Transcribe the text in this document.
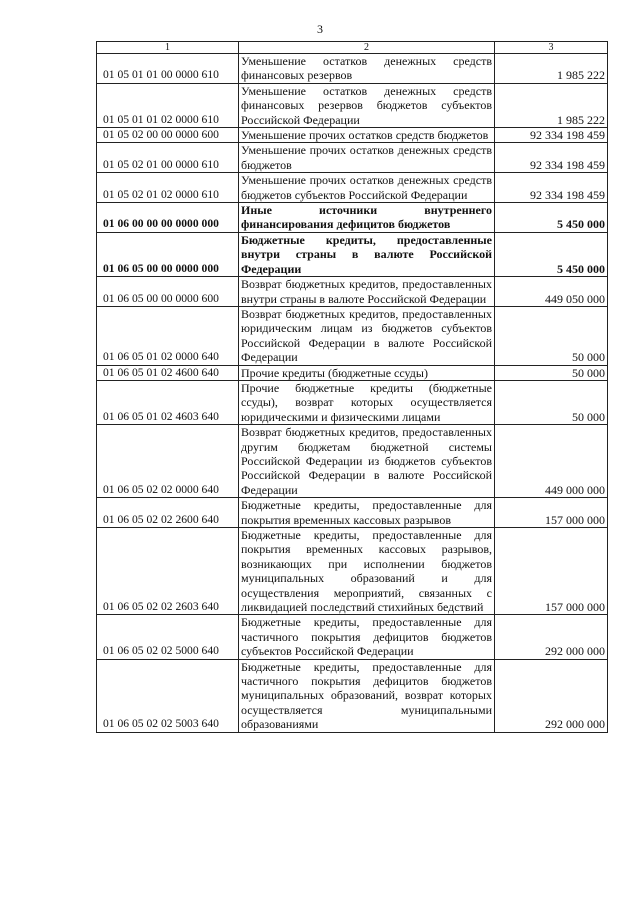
3
1	2	3
01 05 01 01 00 0000 610	Уменьшение остатков денежных средств финансовых резервов	1 985 222
01 05 01 01 02 0000 610	Уменьшение остатков денежных средств финансовых резервов бюджетов субъектов Российской Федерации	1 985 222
01 05 02 00 00 0000 600	Уменьшение прочих остатков средств бюджетов	92 334 198 459
01 05 02 01 00 0000 610	Уменьшение прочих остатков денежных средств бюджетов	92 334 198 459
01 05 02 01 02 0000 610	Уменьшение прочих остатков денежных средств бюджетов субъектов Российской Федерации	92 334 198 459
01 06 00 00 00 0000 000	Иные источники внутреннего финансирования дефицитов бюджетов	5 450 000
01 06 05 00 00 0000 000	Бюджетные кредиты, предоставленные внутри страны в валюте Российской Федерации	5 450 000
01 06 05 00 00 0000 600	Возврат бюджетных кредитов, предоставленных внутри страны в валюте Российской Федерации	449 050 000
01 06 05 01 02 0000 640	Возврат бюджетных кредитов, предоставленных юридическим лицам из бюджетов субъектов Российской Федерации в валюте Российской Федерации	50 000
01 06 05 01 02 4600 640	Прочие кредиты (бюджетные ссуды)	50 000
01 06 05 01 02 4603 640	Прочие бюджетные кредиты (бюджетные ссуды), возврат которых осуществляется юридическими и физическими лицами	50 000
01 06 05 02 02 0000 640	Возврат бюджетных кредитов, предоставленных другим бюджетам бюджетной системы Российской Федерации из бюджетов субъектов Российской Федерации в валюте Российской Федерации	449 000 000
01 06 05 02 02 2600 640	Бюджетные кредиты, предоставленные для покрытия временных кассовых разрывов	157 000 000
01 06 05 02 02 2603 640	Бюджетные кредиты, предоставленные для покрытия временных кассовых разрывов, возникающих при исполнении бюджетов муниципальных образований и для осуществления мероприятий, связанных с ликвидацией последствий стихийных бедствий	157 000 000
01 06 05 02 02 5000 640	Бюджетные кредиты, предоставленные для частичного покрытия дефицитов бюджетов субъектов Российской Федерации	292 000 000
01 06 05 02 02 5003 640	Бюджетные кредиты, предоставленные для частичного покрытия дефицитов бюджетов муниципальных образований, возврат которых осуществляется муниципальными образованиями	292 000 000
